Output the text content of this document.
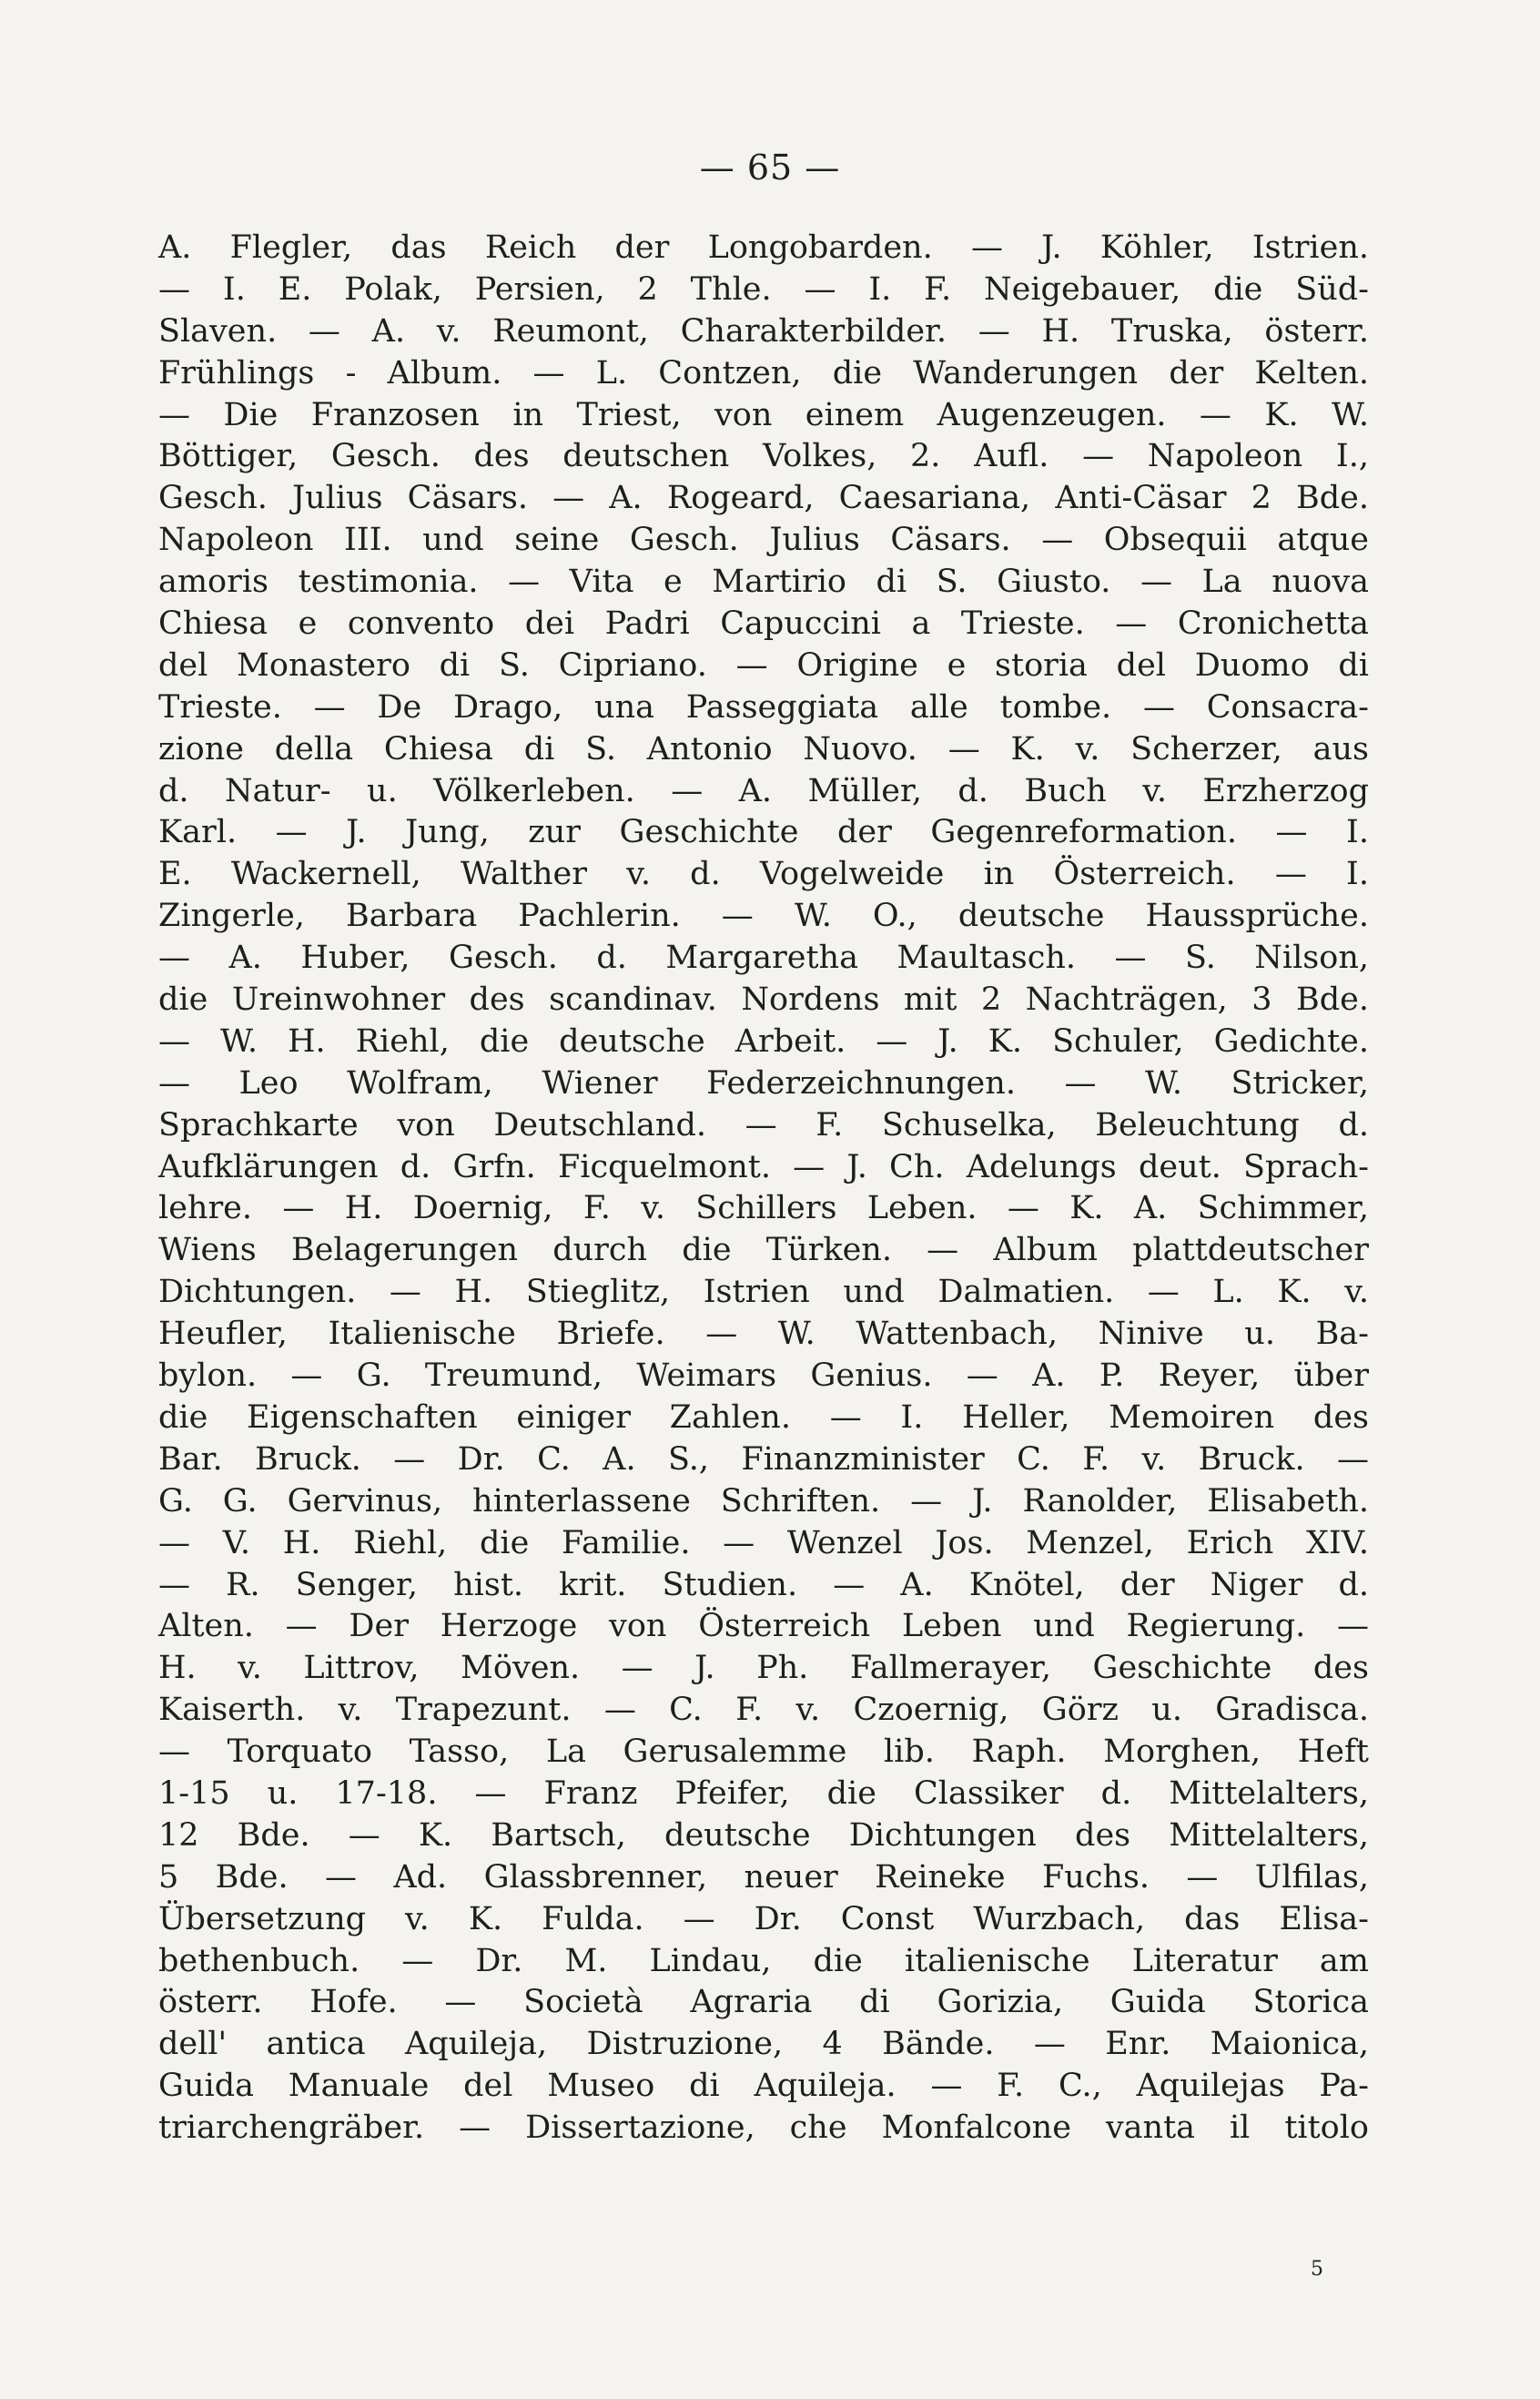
— 65 —
A. Flegler, das Reich der Longobarden. — J. Köhler, Istrien.
— I. E. Polak, Persien, 2 Thle. — I. F. Neigebauer, die Süd-
Slaven. — A. v. Reumont, Charakterbilder. — H. Truska, österr.
Frühlings - Album. — L. Contzen, die Wanderungen der Kelten.
— Die Franzosen in Triest, von einem Augenzeugen. — K. W.
Böttiger, Gesch. des deutschen Volkes, 2. Aufl. — Napoleon I.,
Gesch. Julius Cäsars. — A. Rogeard, Caesariana, Anti-Cäsar 2 Bde.
Napoleon III. und seine Gesch. Julius Cäsars. — Obsequii atque
amoris testimonia. — Vita e Martirio di S. Giusto. — La nuova
Chiesa e convento dei Padri Capuccini a Trieste. — Cronichetta
del Monastero di S. Cipriano. — Origine e storia del Duomo di
Trieste. — De Drago, una Passeggiata alle tombe. — Consacra-
zione della Chiesa di S. Antonio Nuovo. — K. v. Scherzer, aus
d. Natur- u. Völkerleben. — A. Müller, d. Buch v. Erzherzog
Karl. — J. Jung, zur Geschichte der Gegenreformation. — I.
E. Wackernell, Walther v. d. Vogelweide in Österreich. — I.
Zingerle, Barbara Pachlerin. — W. O., deutsche Haussprüche.
— A. Huber, Gesch. d. Margaretha Maultasch. — S. Nilson,
die Ureinwohner des scandinav. Nordens mit 2 Nachträgen, 3 Bde.
— W. H. Riehl, die deutsche Arbeit. — J. K. Schuler, Gedichte.
— Leo Wolfram, Wiener Federzeichnungen. — W. Stricker,
Sprachkarte von Deutschland. — F. Schuselka, Beleuchtung d.
Aufklärungen d. Grfn. Ficquelmont. — J. Ch. Adelungs deut. Sprach-
lehre. — H. Doernig, F. v. Schillers Leben. — K. A. Schimmer,
Wiens Belagerungen durch die Türken. — Album plattdeutscher
Dichtungen. — H. Stieglitz, Istrien und Dalmatien. — L. K. v.
Heufler, Italienische Briefe. — W. Wattenbach, Ninive u. Ba-
bylon. — G. Treumund, Weimars Genius. — A. P. Reyer, über
die Eigenschaften einiger Zahlen. — I. Heller, Memoiren des
Bar. Bruck. — Dr. C. A. S., Finanzminister C. F. v. Bruck. —
G. G. Gervinus, hinterlassene Schriften. — J. Ranolder, Elisabeth.
— V. H. Riehl, die Familie. — Wenzel Jos. Menzel, Erich XIV.
— R. Senger, hist. krit. Studien. — A. Knötel, der Niger d.
Alten. — Der Herzoge von Österreich Leben und Regierung. —
H. v. Littrov, Möven. — J. Ph. Fallmerayer, Geschichte des
Kaiserth. v. Trapezunt. — C. F. v. Czoernig, Görz u. Gradisca.
— Torquato Tasso, La Gerusalemme lib. Raph. Morghen, Heft
1-15 u. 17-18. — Franz Pfeifer, die Classiker d. Mittelalters,
12 Bde. — K. Bartsch, deutsche Dichtungen des Mittelalters,
5 Bde. — Ad. Glassbrenner, neuer Reineke Fuchs. — Ulfilas,
Übersetzung v. K. Fulda. — Dr. Const Wurzbach, das Elisa-
bethenbuch. — Dr. M. Lindau, die italienische Literatur am
österr. Hofe. — Società Agraria di Gorizia, Guida Storica
dell' antica Aquileja, Distruzione, 4 Bände. — Enr. Maionica,
Guida Manuale del Museo di Aquileja. — F. C., Aquilejas Pa-
triarchengräber. — Dissertazione, che Monfalcone vanta il titolo
5
